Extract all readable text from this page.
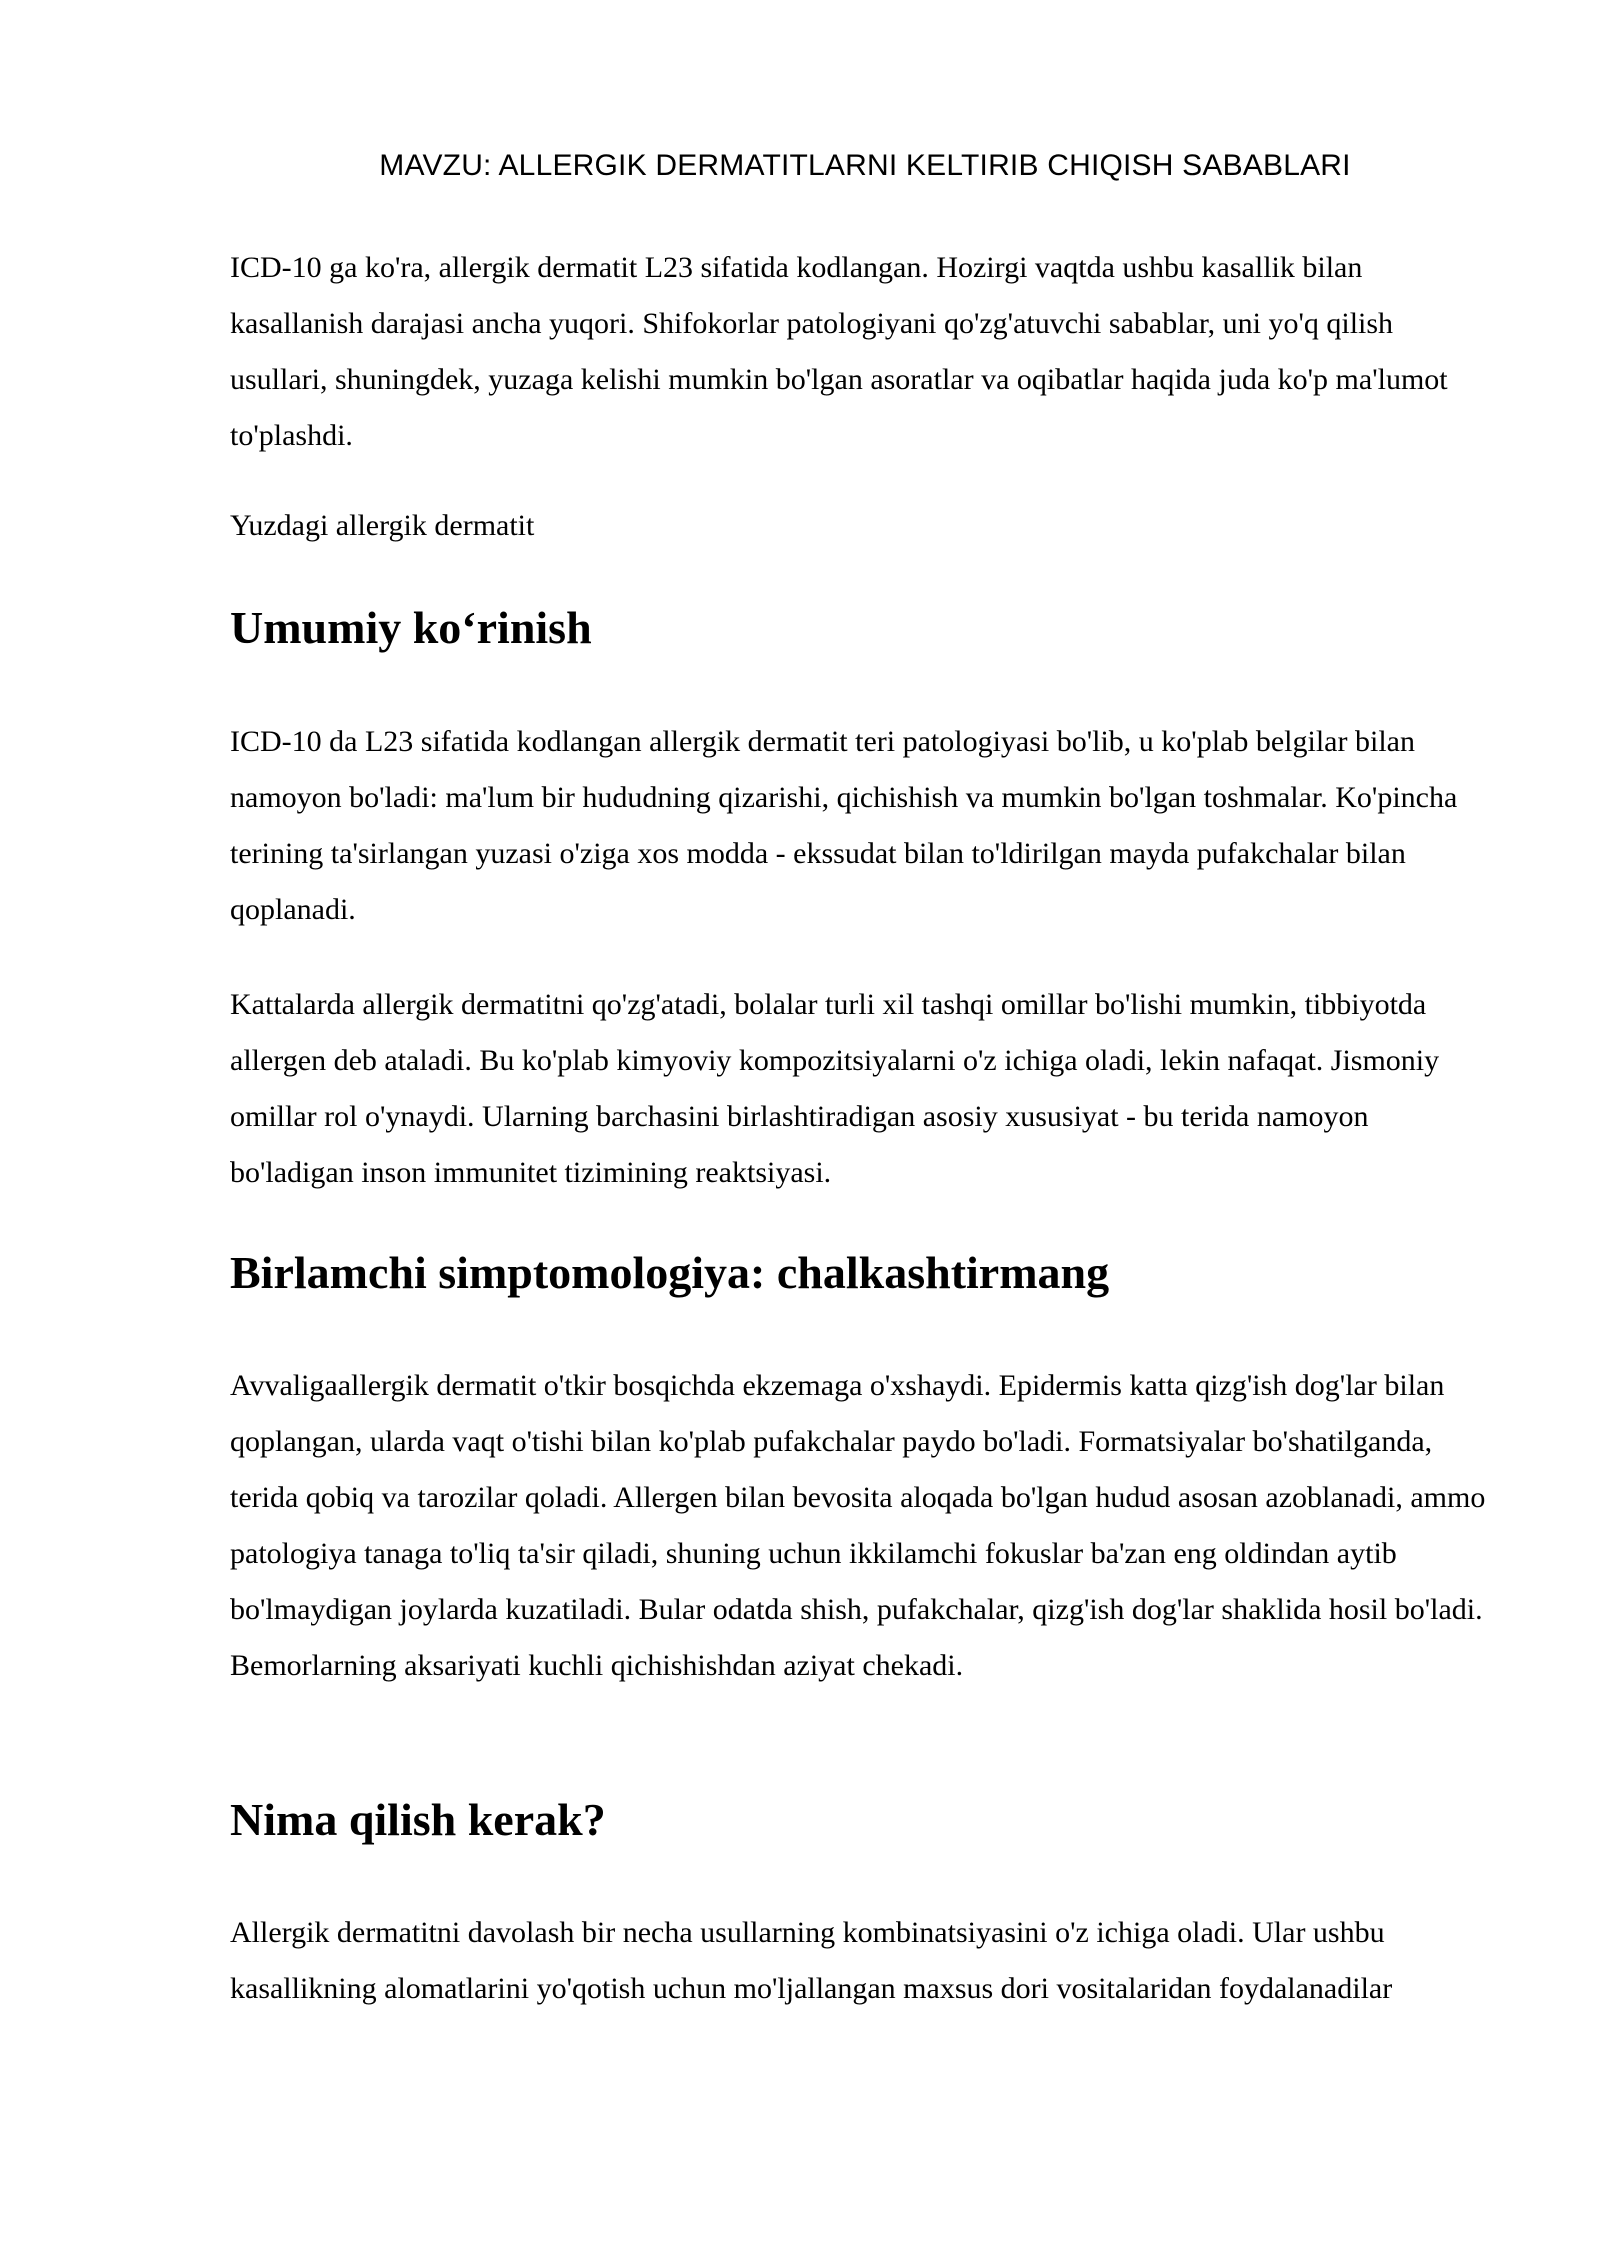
MAVZU: ALLERGIK DERMATITLARNI KELTIRIB CHIQISH SABABLARI

ICD-10 ga ko'ra, allergik dermatit L23 sifatida kodlangan. Hozirgi vaqtda ushbu kasallik bilan kasallanish darajasi ancha yuqori. Shifokorlar patologiyani qo'zg'atuvchi sabablar, uni yo'q qilish usullari, shuningdek, yuzaga kelishi mumkin bo'lgan asoratlar va oqibatlar haqida juda ko'p ma'lumot to'plashdi.

Yuzdagi allergik dermatit

Umumiy ko‘rinish

ICD-10 da L23 sifatida kodlangan allergik dermatit teri patologiyasi bo'lib, u ko'plab belgilar bilan namoyon bo'ladi: ma'lum bir hududning qizarishi, qichishish va mumkin bo'lgan toshmalar. Ko'pincha terining ta'sirlangan yuzasi o'ziga xos modda - ekssudat bilan to'ldirilgan mayda pufakchalar bilan qoplanadi.

Kattalarda allergik dermatitni qo'zg'atadi, bolalar turli xil tashqi omillar bo'lishi mumkin, tibbiyotda allergen deb ataladi. Bu ko'plab kimyoviy kompozitsiyalarni o'z ichiga oladi, lekin nafaqat. Jismoniy omillar rol o'ynaydi. Ularning barchasini birlashtiradigan asosiy xususiyat - bu terida namoyon bo'ladigan inson immunitet tizimining reaktsiyasi.

Birlamchi simptomologiya: chalkashtirmang

Avvaligaallergik dermatit o'tkir bosqichda ekzemaga o'xshaydi. Epidermis katta qizg'ish dog'lar bilan qoplangan, ularda vaqt o'tishi bilan ko'plab pufakchalar paydo bo'ladi. Formatsiyalar bo'shatilganda, terida qobiq va tarozilar qoladi. Allergen bilan bevosita aloqada bo'lgan hudud asosan azoblanadi, ammo patologiya tanaga to'liq ta'sir qiladi, shuning uchun ikkilamchi fokuslar ba'zan eng oldindan aytib bo'lmaydigan joylarda kuzatiladi. Bular odatda shish, pufakchalar, qizg'ish dog'lar shaklida hosil bo'ladi. Bemorlarning aksariyati kuchli qichishishdan aziyat chekadi.

Nima qilish kerak?

Allergik dermatitni davolash bir necha usullarning kombinatsiyasini o'z ichiga oladi. Ular ushbu kasallikning alomatlarini yo'qotish uchun mo'ljallangan maxsus dori vositalaridan foydalanadilar
